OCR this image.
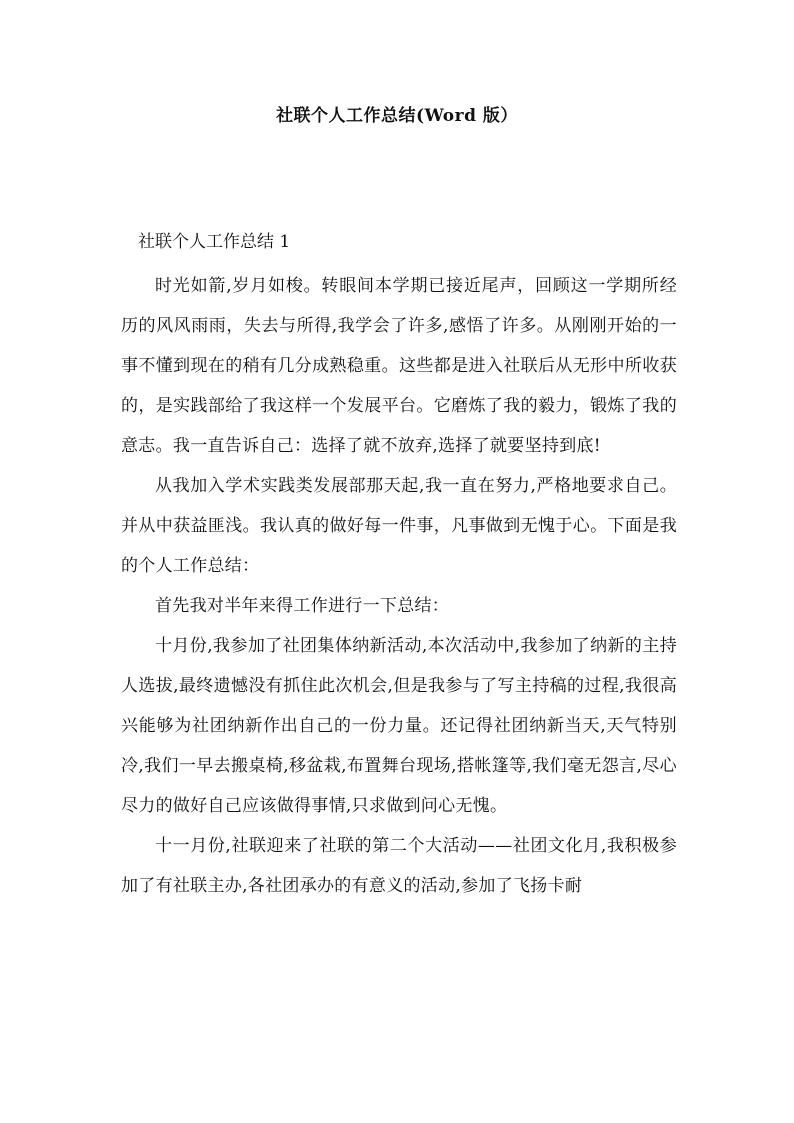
社联个人工作总结(Word 版）
社联个人工作总结 1

时光如箭,岁月如梭。转眼间本学期已接近尾声，回顾这一学期所经历的风风雨雨，失去与所得,我学会了许多,感悟了许多。从刚刚开始的一事不懂到现在的稍有几分成熟稳重。这些都是进入社联后从无形中所收获的，是实践部给了我这样一个发展平台。它磨炼了我的毅力，锻炼了我的意志。我一直告诉自己：选择了就不放弃,选择了就要坚持到底!

从我加入学术实践类发展部那天起,我一直在努力,严格地要求自己。并从中获益匪浅。我认真的做好每一件事，凡事做到无愧于心。下面是我的个人工作总结：

首先我对半年来得工作进行一下总结：

十月份,我参加了社团集体纳新活动,本次活动中,我参加了纳新的主持人选拔,最终遗憾没有抓住此次机会,但是我参与了写主持稿的过程,我很高兴能够为社团纳新作出自己的一份力量。还记得社团纳新当天,天气特别冷,我们一早去搬桌椅,移盆栽,布置舞台现场,搭帐篷等,我们毫无怨言,尽心尽力的做好自己应该做得事情,只求做到问心无愧。

十一月份,社联迎来了社联的第二个大活动——社团文化月,我积极参加了有社联主办,各社团承办的有意义的活动,参加了飞扬卡耐
